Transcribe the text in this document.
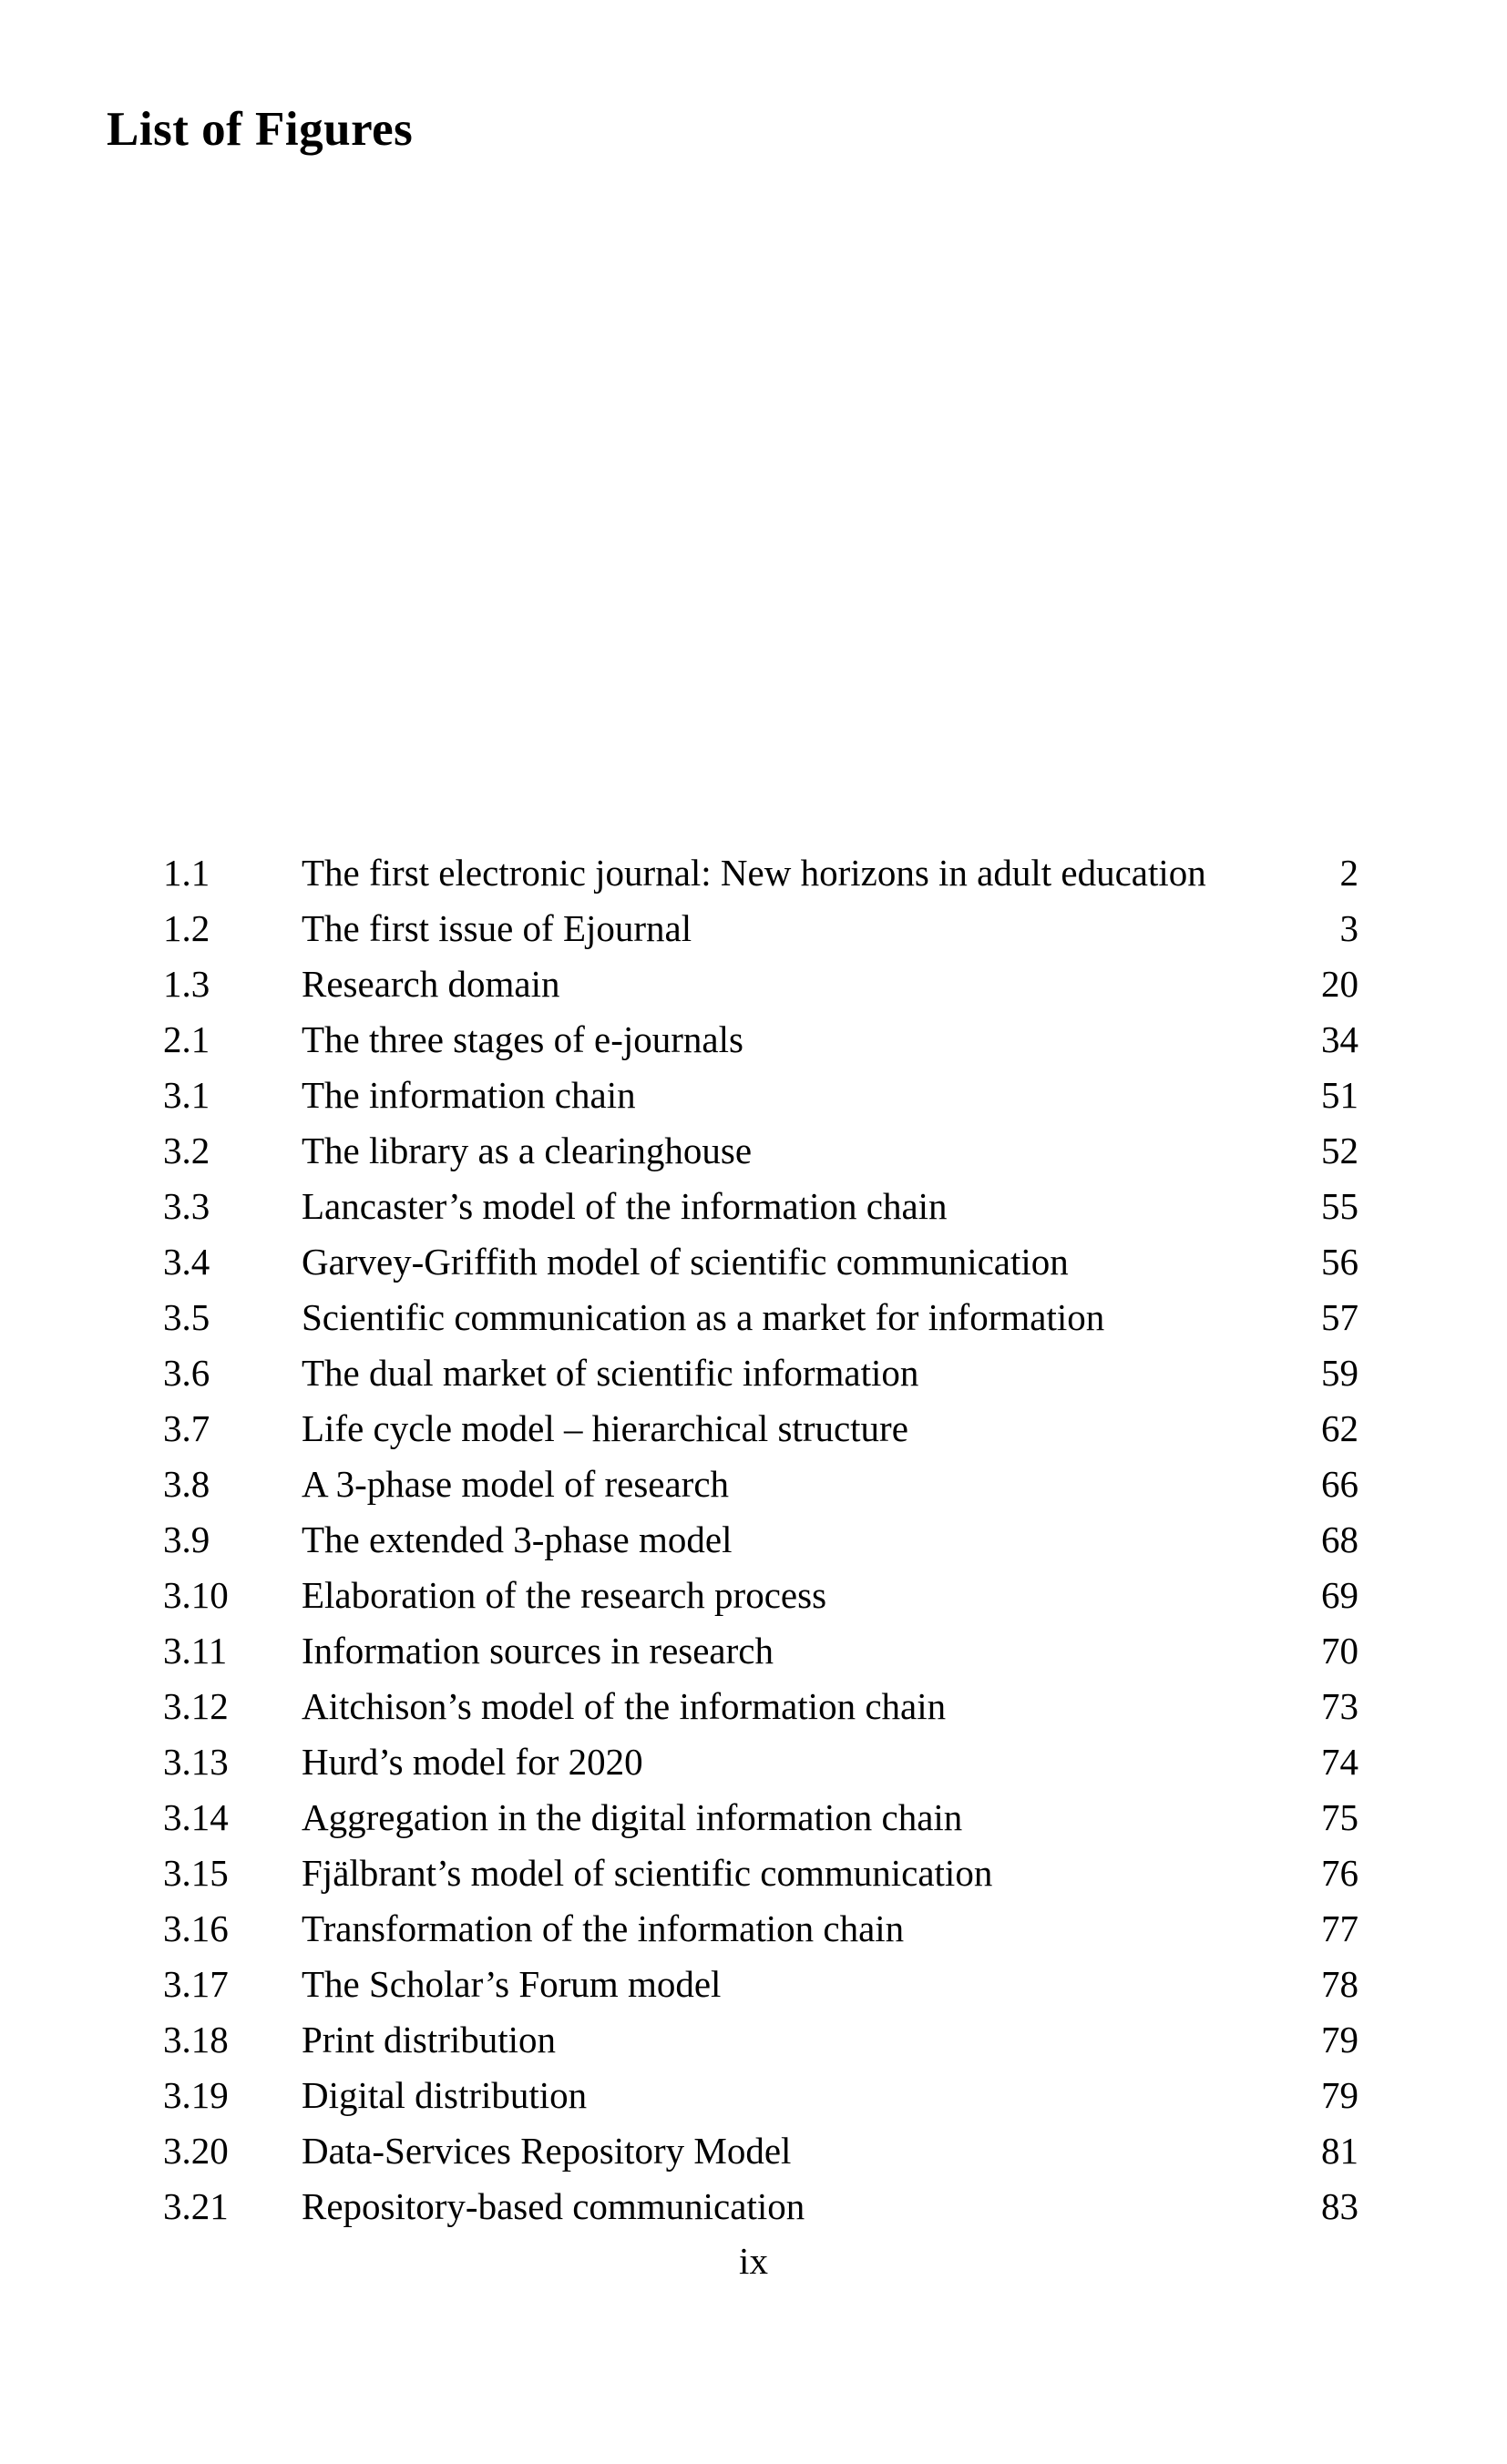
List of Figures
1.1	The first electronic journal: New horizons in adult education	2
1.2	The first issue of Ejournal	3
1.3	Research domain	20
2.1	The three stages of e-journals	34
3.1	The information chain	51
3.2	The library as a clearinghouse	52
3.3	Lancaster’s model of the information chain	55
3.4	Garvey-Griffith model of scientific communication	56
3.5	Scientific communication as a market for information	57
3.6	The dual market of scientific information	59
3.7	Life cycle model – hierarchical structure	62
3.8	A 3-phase model of research	66
3.9	The extended 3-phase model	68
3.10	Elaboration of the research process	69
3.11	Information sources in research	70
3.12	Aitchison’s model of the information chain	73
3.13	Hurd’s model for 2020	74
3.14	Aggregation in the digital information chain	75
3.15	Fjälbrant’s model of scientific communication	76
3.16	Transformation of the information chain	77
3.17	The Scholar’s Forum model	78
3.18	Print distribution	79
3.19	Digital distribution	79
3.20	Data-Services Repository Model	81
3.21	Repository-based communication	83
ix
